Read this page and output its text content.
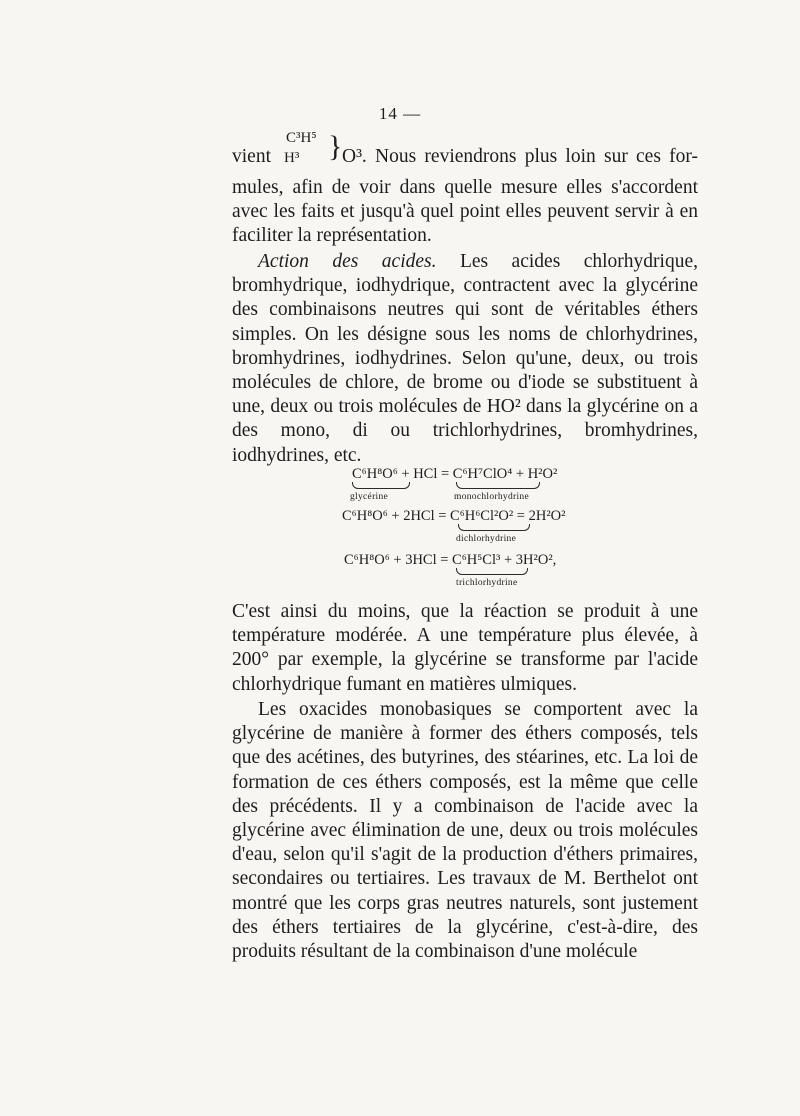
14 —
vient
C³H⁵
H³ } O³. Nous reviendrons plus loin sur ces for-

mules, afin de voir dans quelle mesure elles s'accordent avec les faits et jusqu'à quel point elles peuvent servir à en faciliter la représentation.

Action des acides. Les acides chlorhydrique, bromhydrique, iodhydrique, contractent avec la glycérine des combinaisons neutres qui sont de véritables éthers simples. On les désigne sous les noms de chlorhydrines, bromhydrines, iodhydrines. Selon qu'une, deux, ou trois molécules de chlore, de brome ou d'iode se substituent à une, deux ou trois molécules de HO² dans la glycérine on a des mono, di ou trichlorhydrines, bromhydrines, iodhydrines, etc.

C⁶H⁸O⁶ + HCl = C⁶H⁷ClO⁴ + H²O²
glycérine	monochlorhydrine
C⁶H⁸O⁶ + 2HCl = C⁶H⁶Cl²O² = 2H²O²
dichlorhydrine
C⁶H⁸O⁶ + 3HCl = C⁶H⁵Cl³ + 3H²O²,
trichlorhydrine

C'est ainsi du moins, que la réaction se produit à une température modérée. A une température plus élevée, à 200° par exemple, la glycérine se transforme par l'acide chlorhydrique fumant en matières ulmiques.

Les oxacides monobasiques se comportent avec la glycérine de manière à former des éthers composés, tels que des acétines, des butyrines, des stéarines, etc. La loi de formation de ces éthers composés, est la même que celle des précédents. Il y a combinaison de l'acide avec la glycérine avec élimination de une, deux ou trois molécules d'eau, selon qu'il s'agit de la production d'éthers primaires, secondaires ou tertiaires. Les travaux de M. Berthelot ont montré que les corps gras neutres naturels, sont justement des éthers tertiaires de la glycérine, c'est-à-dire, des produits résultant de la combinaison d'une molécule
